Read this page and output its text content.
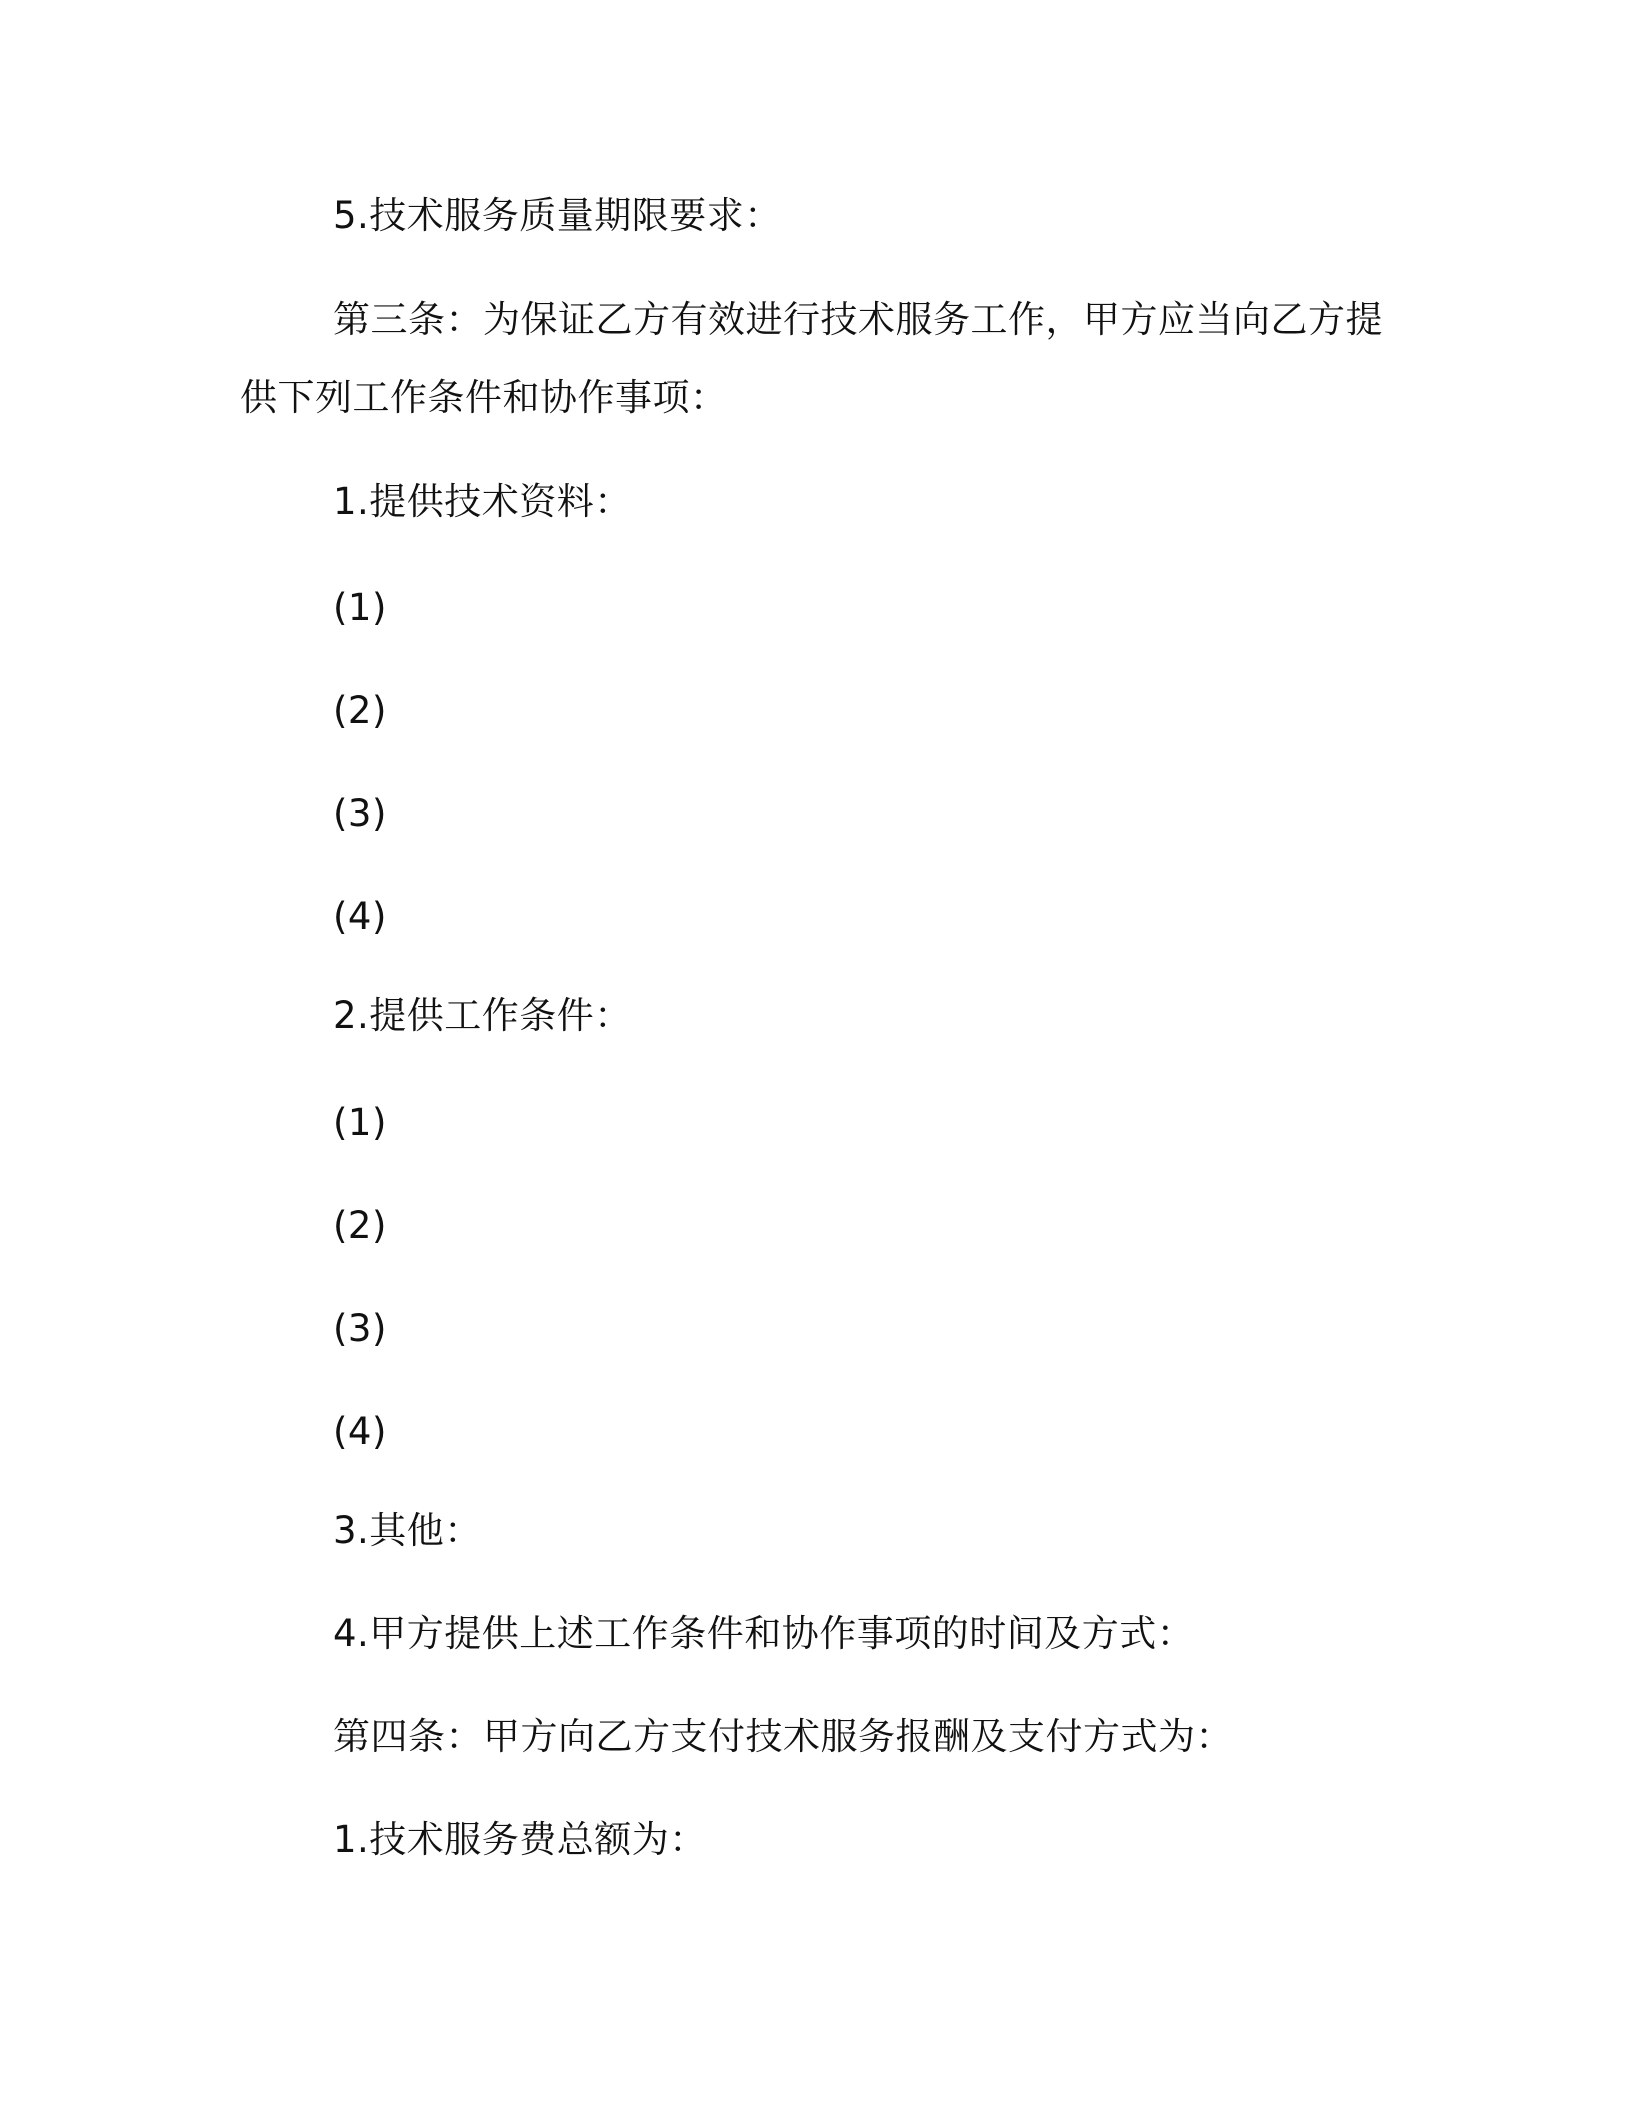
5.技术服务质量期限要求：
第三条：为保证乙方有效进行技术服务工作，甲方应当向乙方提
供下列工作条件和协作事项：
1.提供技术资料：
(1)
(2)
(3)
(4)
2.提供工作条件：
(1)
(2)
(3)
(4)
3.其他：
4.甲方提供上述工作条件和协作事项的时间及方式：
第四条：甲方向乙方支付技术服务报酬及支付方式为：
1.技术服务费总额为：
